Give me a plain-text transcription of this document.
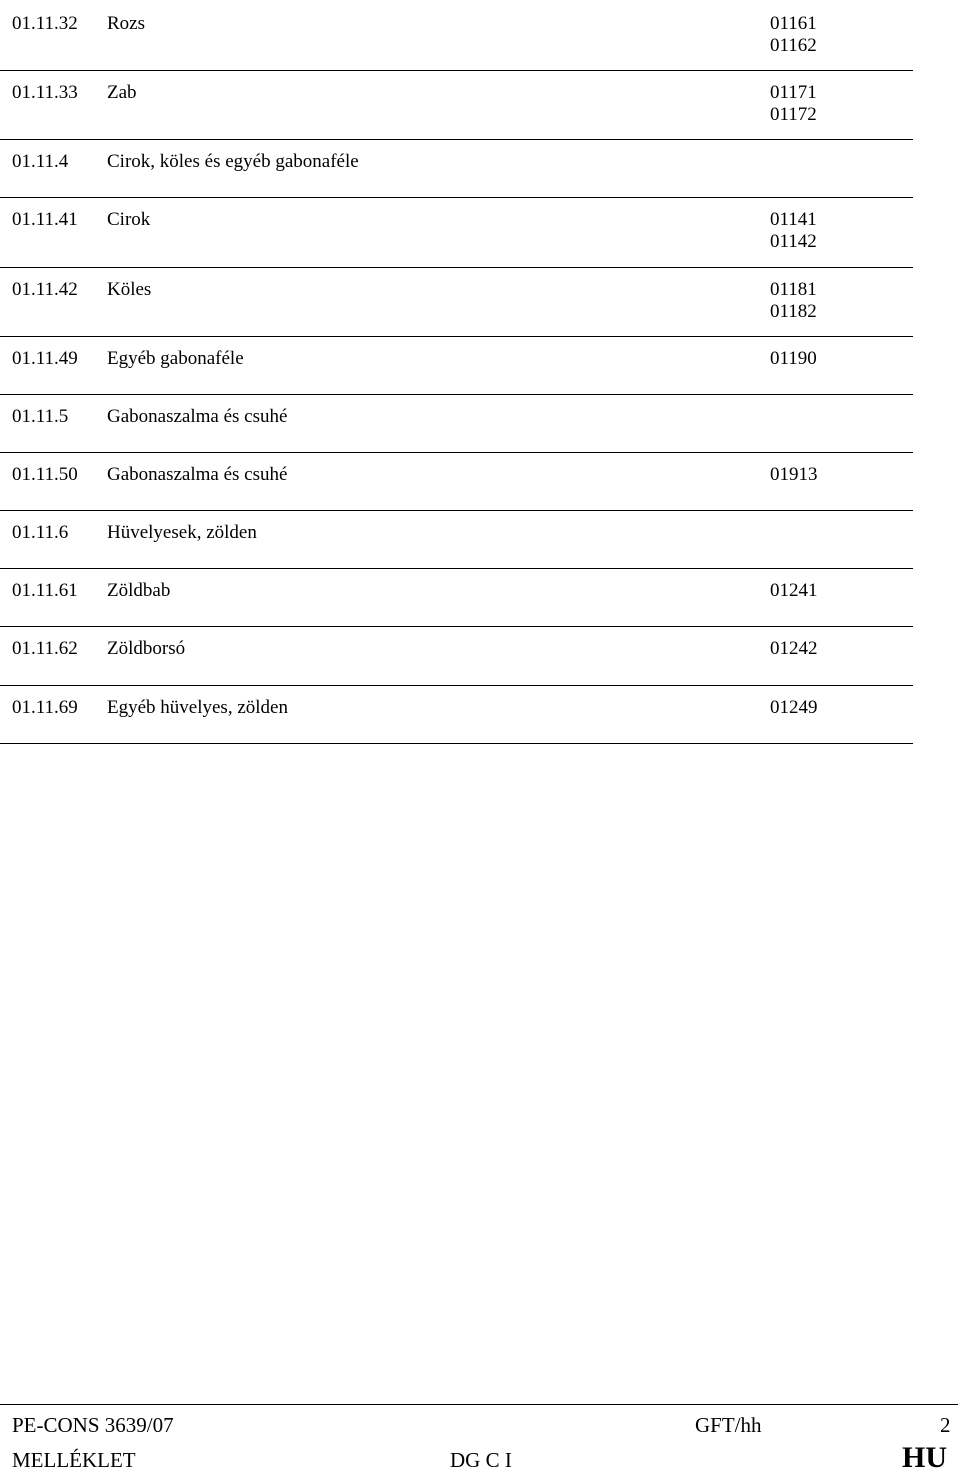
01.11.32 Rozs	01161
01162
01.11.33 Zab	01171
01172
01.11.4 Cirok, köles és egyéb gabonaféle
01.11.41 Cirok	01141
01142
01.11.42 Köles	01181
01182
01.11.49 Egyéb gabonaféle	01190
01.11.5 Gabonaszalma és csuhé
01.11.50 Gabonaszalma és csuhé	01913
01.11.6 Hüvelyesek, zölden
01.11.61 Zöldbab	01241
01.11.62 Zöldborsó	01242
01.11.69 Egyéb hüvelyes, zölden	01249
PE-CONS 3639/07	GFT/hh	2
MELLÉKLET	DG C I	HU
